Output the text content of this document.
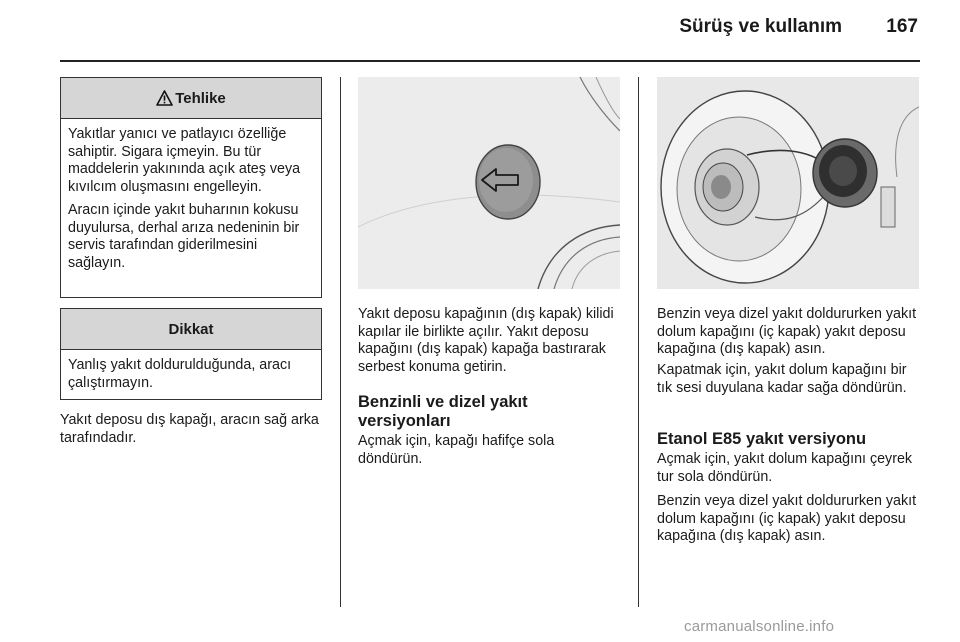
Sürüş ve kullanım 167
Tehlike

Yakıtlar yanıcı ve patlayıcı özelliğe sahiptir. Sigara içmeyin. Bu tür maddelerin yakınında açık ateş veya kıvılcım oluşmasını engelleyin.

Aracın içinde yakıt buharının kokusu duyulursa, derhal arıza nedeninin bir servis tarafından giderilmesini sağlayın.

Dikkat

Yanlış yakıt doldurulduğunda, aracı çalıştırmayın.

Yakıt deposu dış kapağı, aracın sağ arka tarafındadır.
Yakıt deposu kapağının (dış kapak) kilidi kapılar ile birlikte açılır. Yakıt deposu kapağını (dış kapak) kapağa bastırarak serbest konuma getirin.
Benzinli ve dizel yakıt versiyonları
Açmak için, kapağı hafifçe sola döndürün.
Benzin veya dizel yakıt doldururken yakıt dolum kapağını (iç kapak) yakıt deposu kapağına (dış kapak) asın.
Kapatmak için, yakıt dolum kapağını bir tık sesi duyulana kadar sağa döndürün.
Etanol E85 yakıt versiyonu
Açmak için, yakıt dolum kapağını çeyrek tur sola döndürün.
Benzin veya dizel yakıt doldururken yakıt dolum kapağını (iç kapak) yakıt deposu kapağına (dış kapak) asın.
carmanualsonline.info
